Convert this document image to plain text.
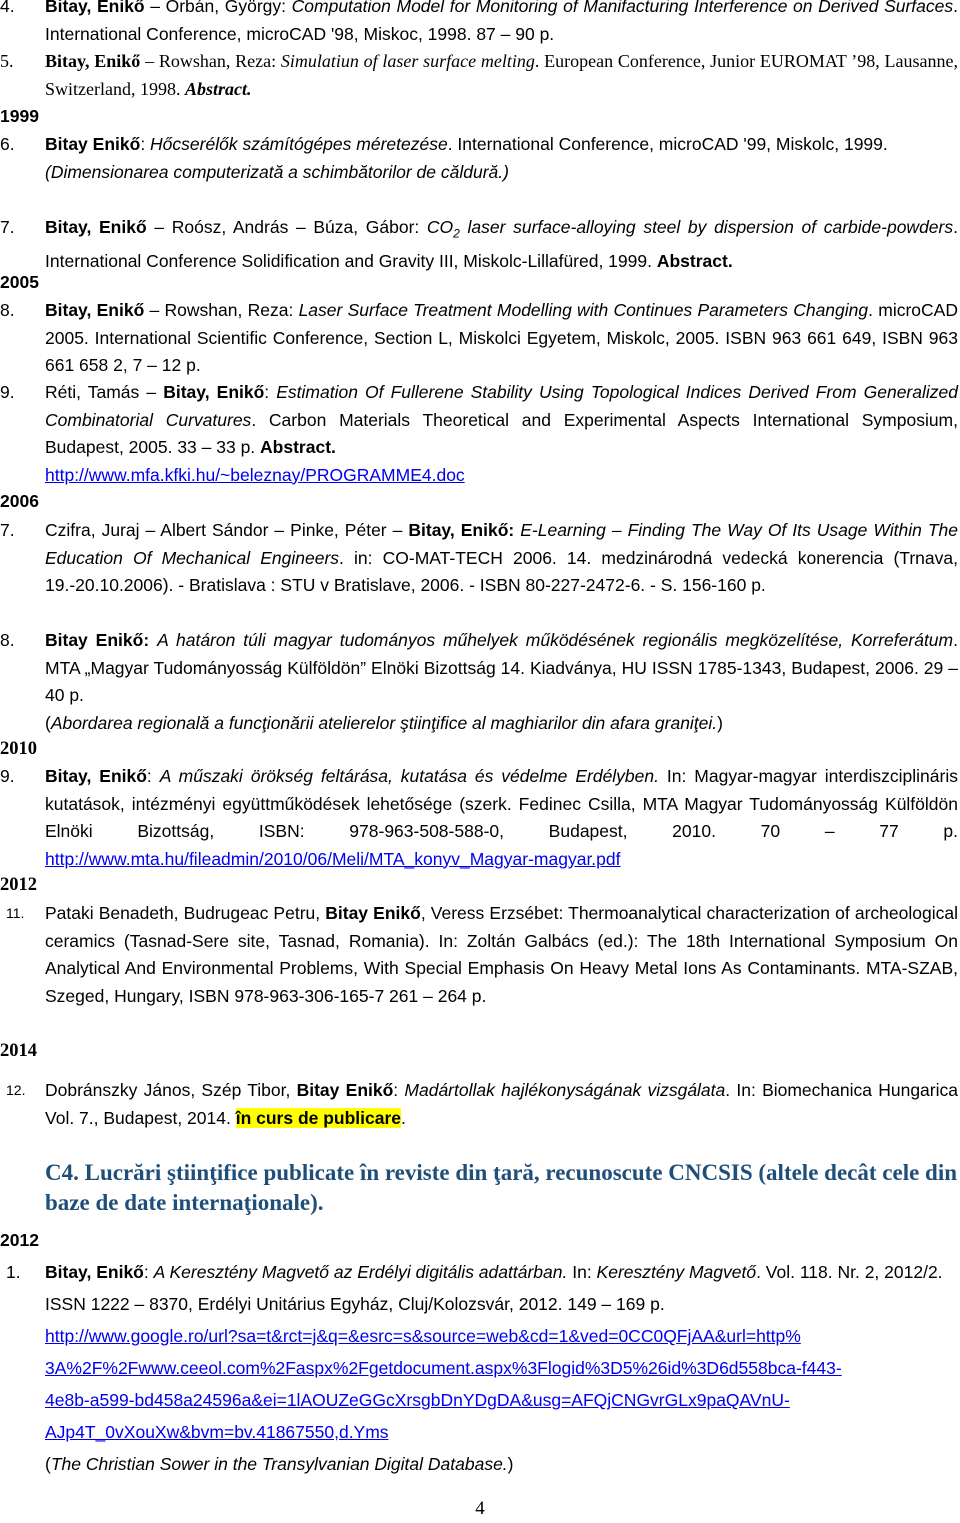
4.	Bitay, Enikő – Orbán, György: Computation Model for Monitoring of Manifacturing Interference on Derived Surfaces. International Conference, microCAD '98, Miskoc, 1998. 87 – 90 p.
5.	Bitay, Enikő – Rowshan, Reza: Simulatiun of laser surface melting. European Conference, Junior EUROMAT ’98, Lausanne, Switzerland, 1998. Abstract.
1999
6.	Bitay Enikő: Hőcserélők számítógépes méretezése. International Conference, microCAD '99, Miskolc, 1999.
(Dimensionarea computerizată a schimbătorilor de căldură.)
7.	Bitay, Enikő – Roósz, András – Búza, Gábor: $CO_2$ laser surface-alloying steel by dispersion of carbide-powders. International Conference Solidification and Gravity III, Miskolc-Lillafüred, 1999. Abstract.
2005
8.	Bitay, Enikő – Rowshan, Reza: Laser Surface Treatment Modelling with Continues Parameters Changing. microCAD 2005. International Scientific Conference, Section L, Miskolci Egyetem, Miskolc, 2005. ISBN 963 661 649, ISBN 963 661 658 2, 7 – 12 p.
9.	Réti, Tamás – Bitay, Enikő: Estimation Of Fullerene Stability Using Topological Indices Derived From Generalized Combinatorial Curvatures. Carbon Materials Theoretical and Experimental Aspects International Symposium, Budapest, 2005. 33 – 33 p. Abstract.
http://www.mfa.kfki.hu/~beleznay/PROGRAMME4.doc
2006
7.	Czifra, Juraj – Albert Sándor – Pinke, Péter – Bitay, Enikő: E-Learning – Finding The Way Of Its Usage Within The Education Of Mechanical Engineers. in: CO-MAT-TECH 2006. 14. medzinárodná vedecká konerencia (Trnava, 19.-20.10.2006). - Bratislava : STU v Bratislave, 2006. - ISBN 80-227-2472-6. - S. 156-160 p.
8.	Bitay Enikő: A határon túli magyar tudományos műhelyek működésének regionális megközelítése, Korreferátum. MTA „Magyar Tudományosság Külföldön” Elnöki Bizottság 14. Kiadványa, HU ISSN 1785-1343, Budapest, 2006. 29 – 40 p.
(Abordarea regională a funcţionării atelierelor ştiinţifice al maghiarilor din afara graniţei.)
2010
9.	Bitay, Enikő: A műszaki örökség feltárása, kutatása és védelme Erdélyben. In: Magyar-magyar interdiszciplináris kutatások, intézményi együttműködések lehetősége (szerk. Fedinec Csilla, MTA Magyar Tudományosság Külföldön Elnöki Bizottság, ISBN: 978-963-508-588-0, Budapest, 2010. 70 – 77 p. http://www.mta.hu/fileadmin/2010/06/Meli/MTA_konyv_Magyar-magyar.pdf
2012
11.	Pataki Benadeth, Budrugeac Petru, Bitay Enikő, Veress Erzsébet: Thermoanalytical characterization of archeological ceramics (Tasnad-Sere site, Tasnad, Romania). In: Zoltán Galbács (ed.): The 18th International Symposium On Analytical And Environmental Problems, With Special Emphasis On Heavy Metal Ions As Contaminants. MTA-SZAB, Szeged, Hungary, ISBN 978-963-306-165-7 261 – 264 p.
2014
12.	Dobránszky János, Szép Tibor, Bitay Enikő: Madártollak hajlékonyságának vizsgálata. In: Biomechanica Hungarica Vol. 7., Budapest, 2014. în curs de publicare.
C4. Lucrări ştiinţifice publicate în reviste din ţară, recunoscute CNCSIS (altele decât cele din baze de date internaţionale).
2012
1.	Bitay, Enikő: A Keresztény Magvető az Erdélyi digitális adattárban. In: Keresztény Magvető. Vol. 118. Nr. 2, 2012/2. ISSN 1222 – 8370, Erdélyi Unitárius Egyház, Cluj/Kolozsvár, 2012. 149 – 169 p.
http://www.google.ro/url?sa=t&rct=j&q=&esrc=s&source=web&cd=1&ved=0CC0QFjAA&url=http%
3A%2F%2Fwww.ceeol.com%2Faspx%2Fgetdocument.aspx%3Flogid%3D5%26id%3D6d558bca-f443-
4e8b-a599-bd458a24596a&ei=1lAOUZeGGcXrsgbDnYDgDA&usg=AFQjCNGvrGLx9paQAVnU-
AJp4T_0vXouXw&bvm=bv.41867550,d.Yms
(The Christian Sower in the Transylvanian Digital Database.)
4
